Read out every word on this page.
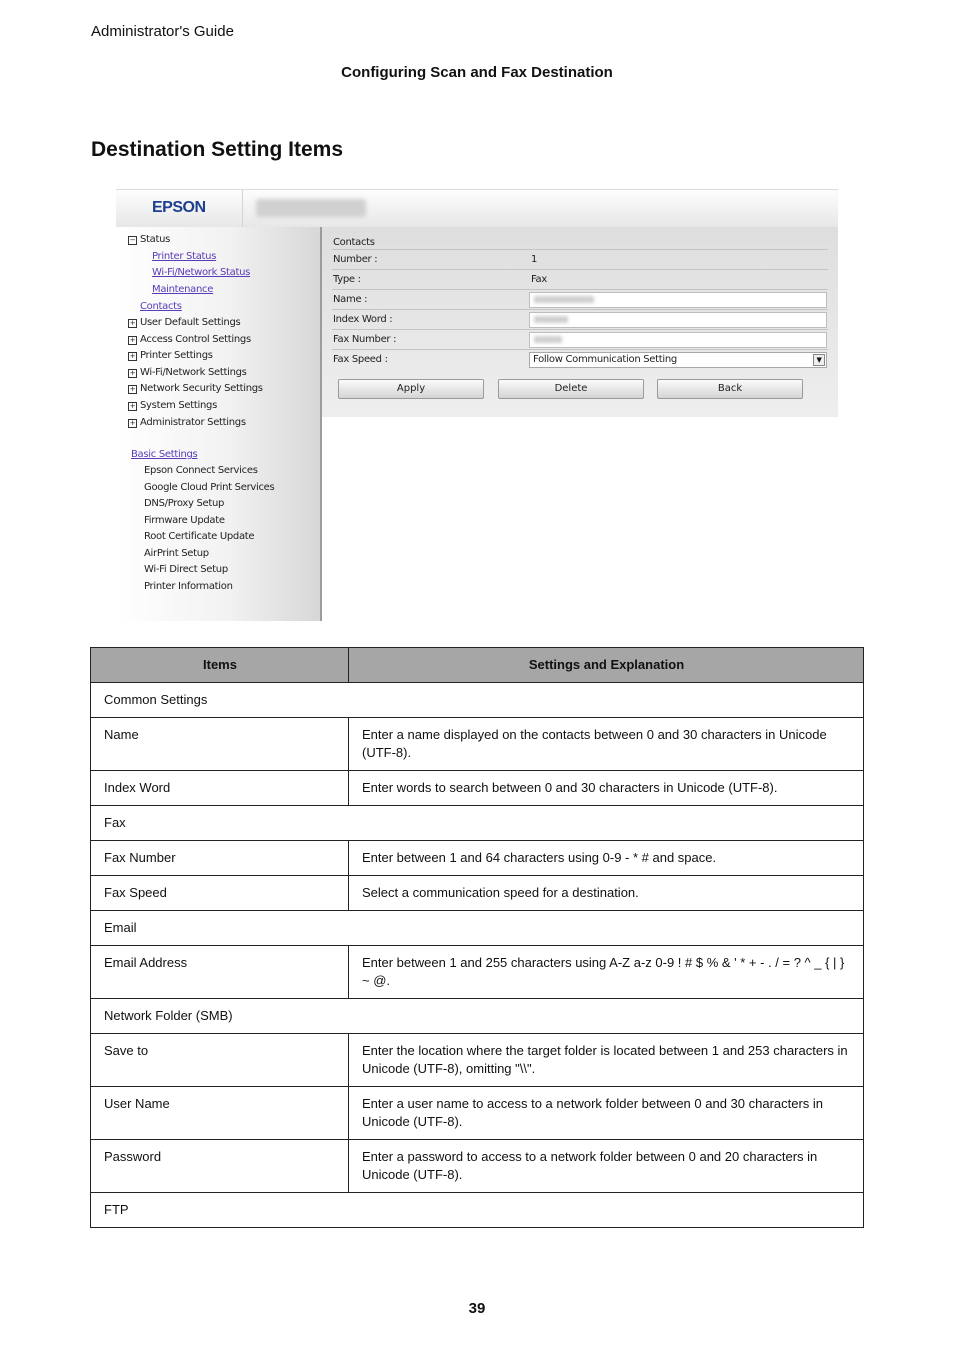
Administrator's Guide
Configuring Scan and Fax Destination
Destination Setting Items
EPSON
− Status
Printer Status
Wi-Fi/Network Status
Maintenance
Contacts
+ User Default Settings
+ Access Control Settings
+ Printer Settings
+ Wi-Fi/Network Settings
+ Network Security Settings
+ System Settings
+ Administrator Settings
Basic Settings
Epson Connect Services
Google Cloud Print Services
DNS/Proxy Setup
Firmware Update
Root Certificate Update
AirPrint Setup
Wi-Fi Direct Setup
Printer Information
Contacts
Number :	1
Type :	Fax
Name :
Index Word :
Fax Number :
Fax Speed :	Follow Communication Setting	▼
Apply	Delete	Back
Items	Settings and Explanation
Common Settings	
Name	Enter a name displayed on the contacts between 0 and 30 characters in Unicode (UTF-8).
Index Word	Enter words to search between 0 and 30 characters in Unicode (UTF-8).
Fax	
Fax Number	Enter between 1 and 64 characters using 0-9 - * # and space.
Fax Speed	Select a communication speed for a destination.
Email	
Email Address	Enter between 1 and 255 characters using A-Z a-z 0-9 ! # $ % & ' * + - . / = ? ^ _ { | } ~ @.
Network Folder (SMB)	
Save to	Enter the location where the target folder is located between 1 and 253 characters in Unicode (UTF-8), omitting "\\".
User Name	Enter a user name to access to a network folder between 0 and 30 characters in Unicode (UTF-8).
Password	Enter a password to access to a network folder between 0 and 20 characters in Unicode (UTF-8).
FTP	
39
